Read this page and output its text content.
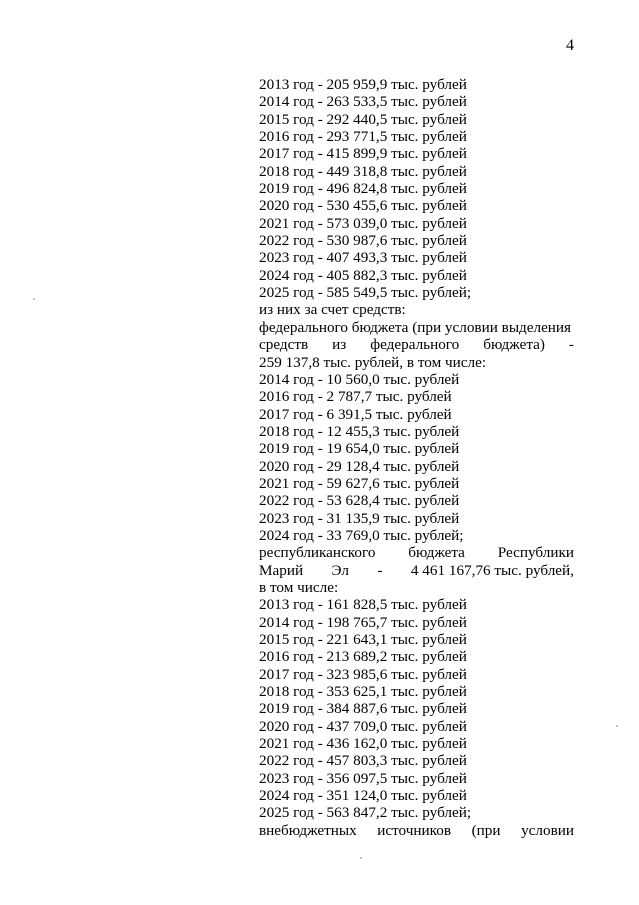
4
2013 год - 205 959,9 тыс. рублей
2014 год - 263 533,5 тыс. рублей
2015 год - 292 440,5 тыс. рублей
2016 год - 293 771,5 тыс. рублей
2017 год - 415 899,9 тыс. рублей
2018 год - 449 318,8 тыс. рублей
2019 год - 496 824,8 тыс. рублей
2020 год - 530 455,6 тыс. рублей
2021 год - 573 039,0 тыс. рублей
2022 год - 530 987,6 тыс. рублей
2023 год - 407 493,3 тыс. рублей
2024 год - 405 882,3 тыс. рублей
2025 год - 585 549,5 тыс. рублей;
из них за счет средств:
федерального бюджета (при условии выделения
средств из федерального бюджета) -
259 137,8 тыс. рублей, в том числе:
2014 год - 10 560,0 тыс. рублей
2016 год - 2 787,7 тыс. рублей
2017 год - 6 391,5 тыс. рублей
2018 год - 12 455,3 тыс. рублей
2019 год - 19 654,0 тыс. рублей
2020 год - 29 128,4 тыс. рублей
2021 год - 59 627,6 тыс. рублей
2022 год - 53 628,4 тыс. рублей
2023 год - 31 135,9 тыс. рублей
2024 год - 33 769,0 тыс. рублей;
республиканского бюджета Республики
Марий Эл - 4 461 167,76 тыс. рублей,
в том числе:
2013 год - 161 828,5 тыс. рублей
2014 год - 198 765,7 тыс. рублей
2015 год - 221 643,1 тыс. рублей
2016 год - 213 689,2 тыс. рублей
2017 год - 323 985,6 тыс. рублей
2018 год - 353 625,1 тыс. рублей
2019 год - 384 887,6 тыс. рублей
2020 год - 437 709,0 тыс. рублей
2021 год - 436 162,0 тыс. рублей
2022 год - 457 803,3 тыс. рублей
2023 год - 356 097,5 тыс. рублей
2024 год - 351 124,0 тыс. рублей
2025 год - 563 847,2 тыс. рублей;
внебюджетных источников (при условии
